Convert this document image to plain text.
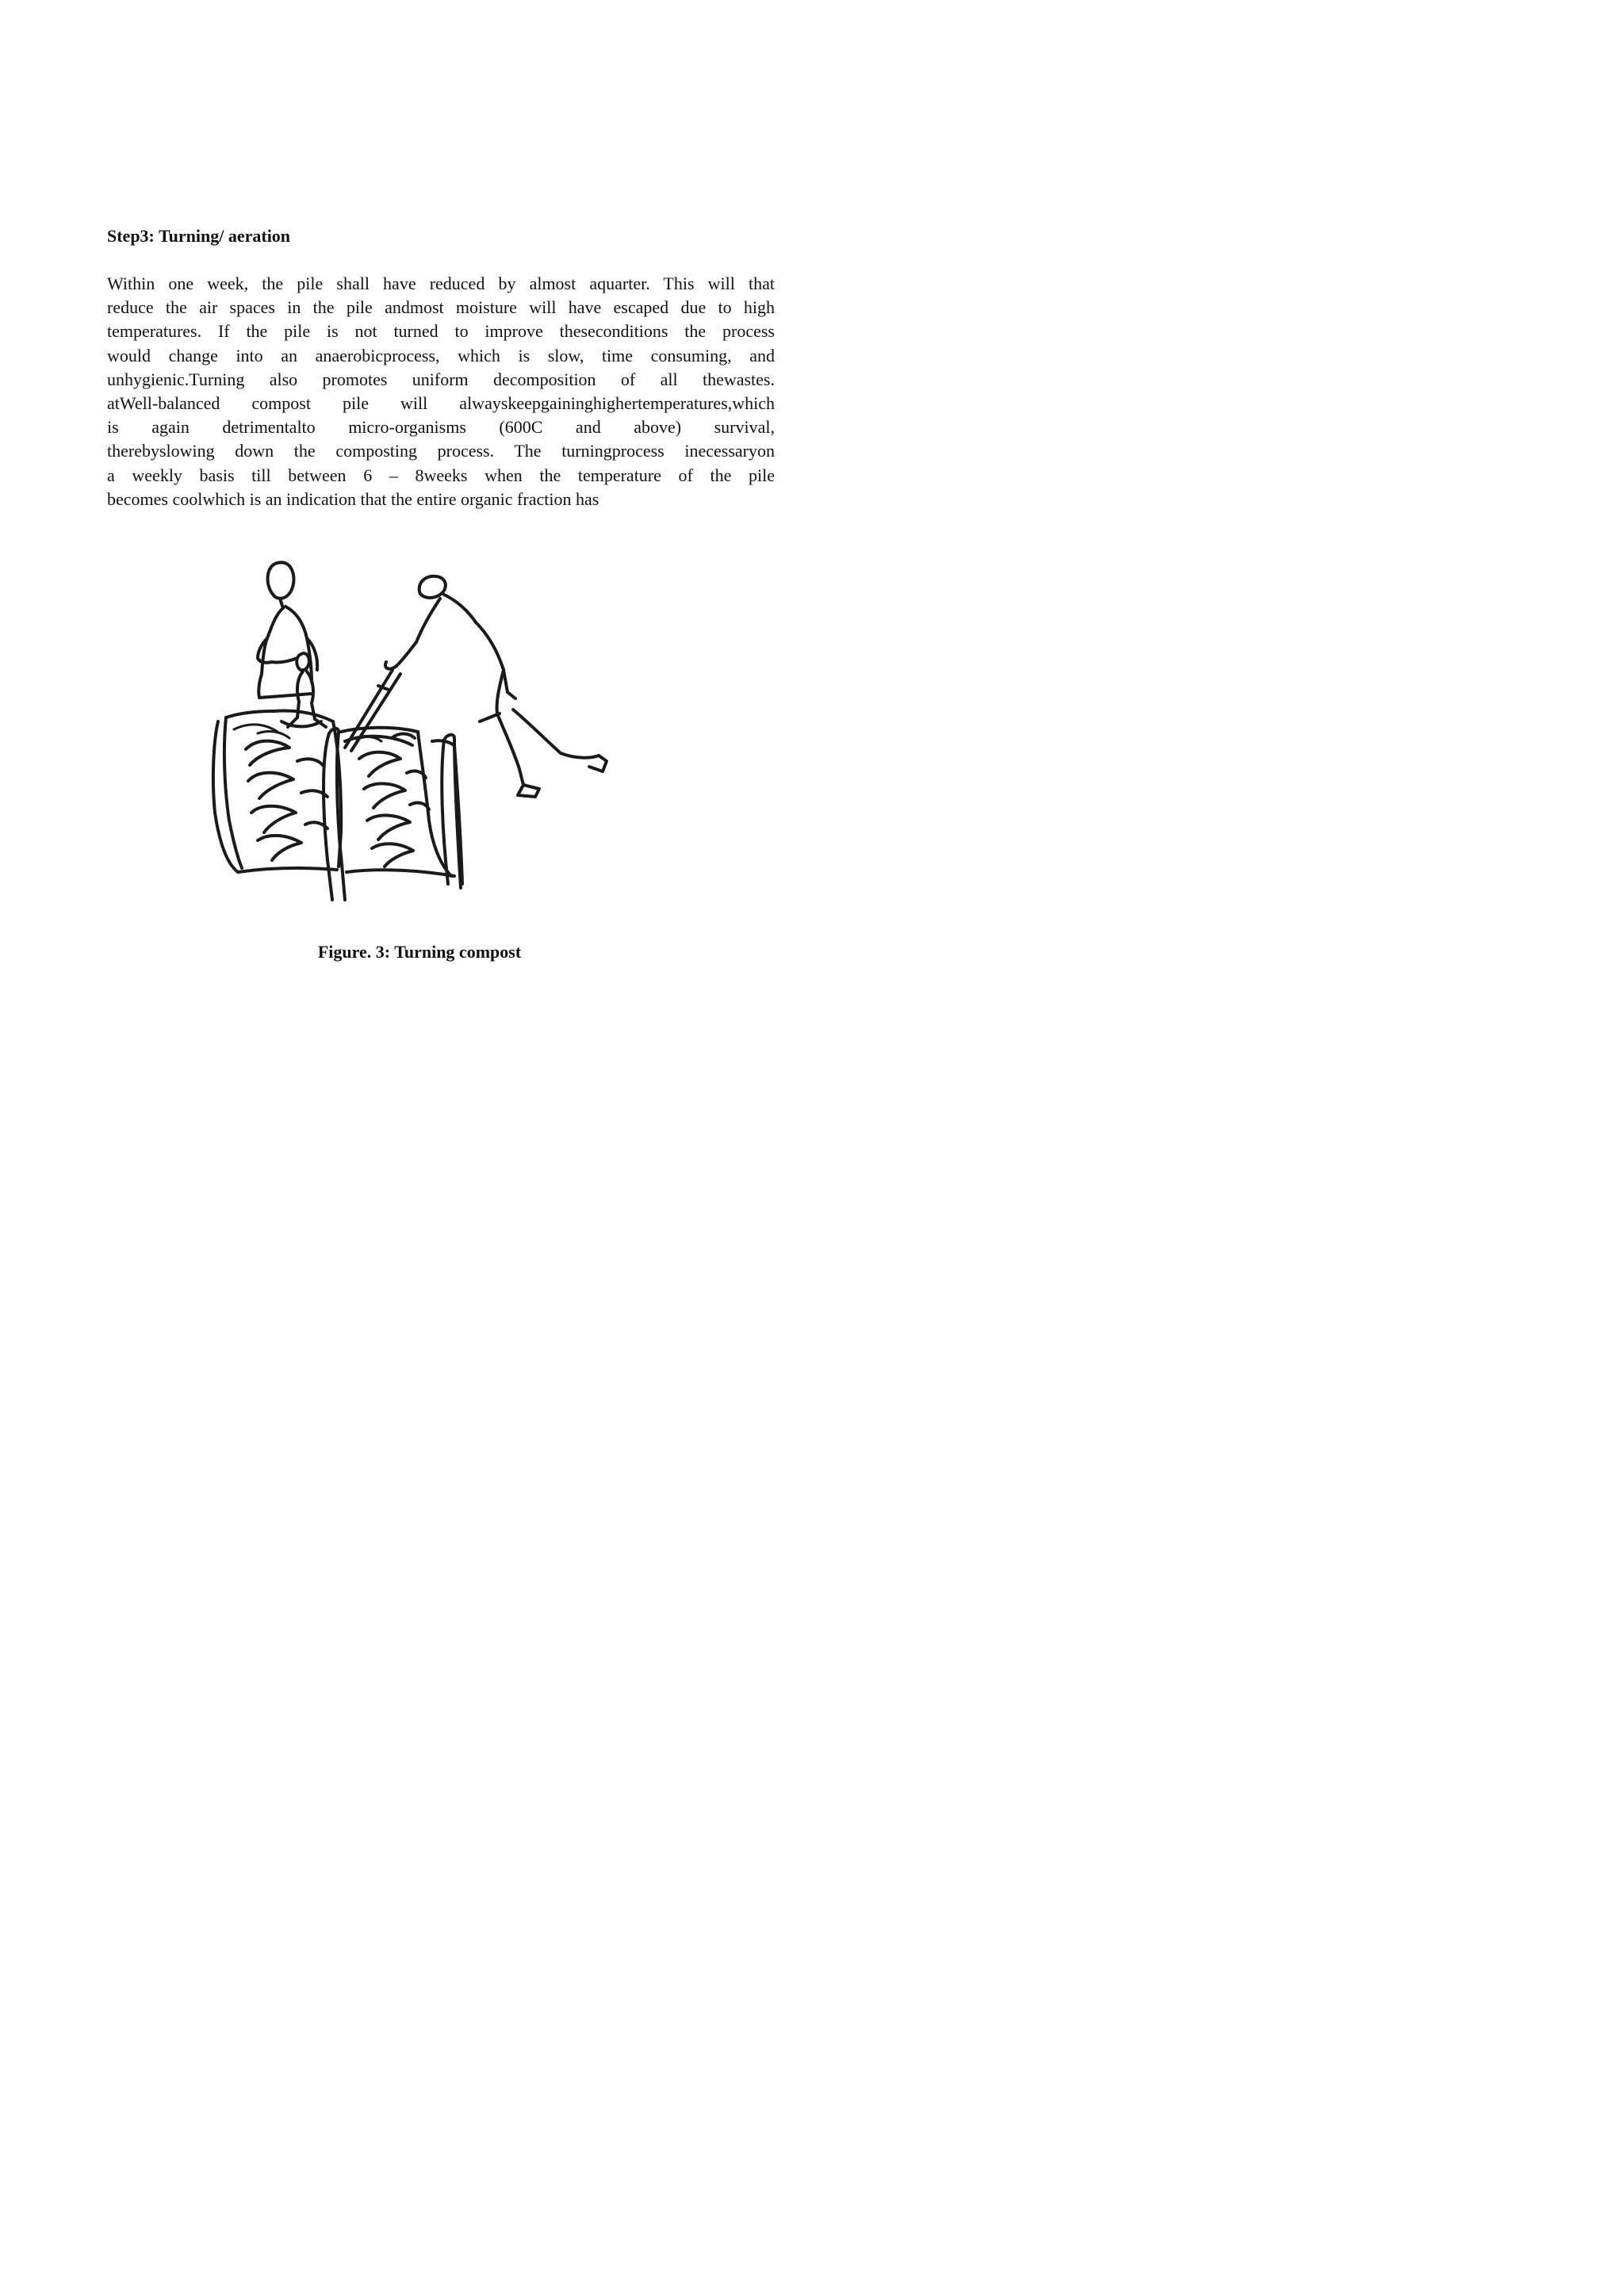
Step3: Turning/ aeration
Within one week, the pile shall have reduced by almost aquarter. This will that
reduce the air spaces in the pile andmost moisture will have escaped due to high
temperatures. If the pile is not turned to improve theseconditions the process
would change into an anaerobicprocess, which is slow, time consuming, and
unhygienic.Turning also promotes uniform decomposition of all thewastes.
atWell-balanced compost pile will alwayskeepgaininghighertemperatures,which
is again detrimentalto micro-organisms (600C and above) survival,
therebyslowing down the composting process. The turningprocess inecessaryon
a weekly basis till between 6 – 8weeks when the temperature of the pile
becomes coolwhich is an indication that the entire organic fraction has
Figure. 3: Turning compost
